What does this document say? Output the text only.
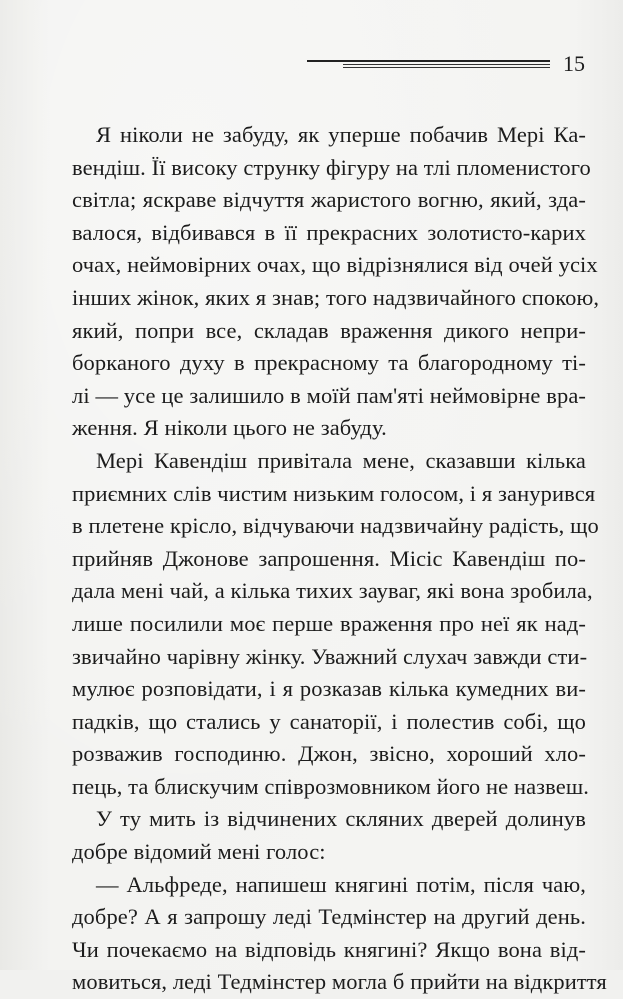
15
Я ніколи не забуду, як уперше побачив Мері Ка-
вендіш. Її високу струнку фігуру на тлі пломенистого
світла; яскраве відчуття жаристого вогню, який, зда-
валося, відбивався в її прекрасних золотисто-карих
очах, неймовірних очах, що відрізнялися від очей усіх
інших жінок, яких я знав; того надзвичайного спокою,
який, попри все, складав враження дикого непри-
борканого духу в прекрасному та благородному ті-
лі — усе це залишило в моїй пам'яті неймовірне вра-
ження. Я ніколи цього не забуду.
Мері Кавендіш привітала мене, сказавши кілька
приємних слів чистим низьким голосом, і я занурився
в плетене крісло, відчуваючи надзвичайну радість, що
прийняв Джонове запрошення. Місіс Кавендіш по-
дала мені чай, а кілька тихих зауваг, які вона зробила,
лише посилили моє перше враження про неї як над-
звичайно чарівну жінку. Уважний слухач завжди сти-
мулює розповідати, і я розказав кілька кумедних ви-
падків, що стались у санаторії, і полестив собі, що
розважив господиню. Джон, звісно, хороший хло-
пець, та блискучим співрозмовником його не назвеш.
У ту мить із відчинених скляних дверей долинув
добре відомий мені голос:
— Альфреде, напишеш княгині потім, після чаю,
добре? А я запрошу леді Тедмінстер на другий день.
Чи почекаємо на відповідь княгині? Якщо вона від-
мовиться, леді Тедмінстер могла б прийти на відкриття
